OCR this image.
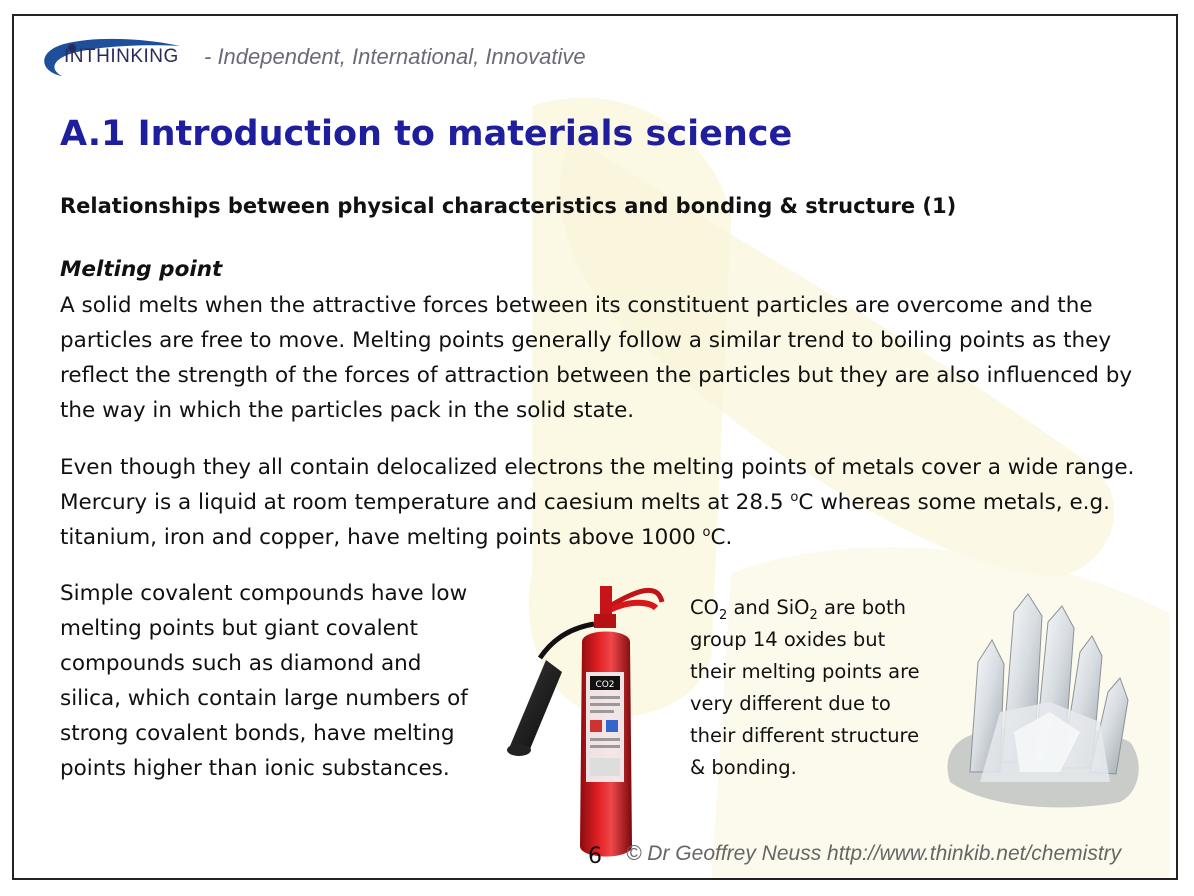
INTHINKING - Independent, International, Innovative
A.1 Introduction to materials science
Relationships between physical characteristics and bonding & structure (1)

Melting point

A solid melts when the attractive forces between its constituent particles are overcome and the particles are free to move. Melting points generally follow a similar trend to boiling points as they reflect the strength of the forces of attraction between the particles but they are also influenced by the way in which the particles pack in the solid state.

Even though they all contain delocalized electrons the melting points of metals cover a wide range. Mercury is a liquid at room temperature and caesium melts at 28.5 $^o$C whereas some metals, e.g. titanium, iron and copper, have melting points above 1000 $^o$C.

Simple covalent compounds have low melting points but giant covalent compounds such as diamond and silica, which contain large numbers of strong covalent bonds, have melting points higher than ionic substances.

CO2

$CO_2$ and SiO$_2$ are both group 14 oxides but their melting points are very different due to their different structure & bonding.

6 © Dr Geoffrey Neuss http://www.thinkib.net/chemistry
